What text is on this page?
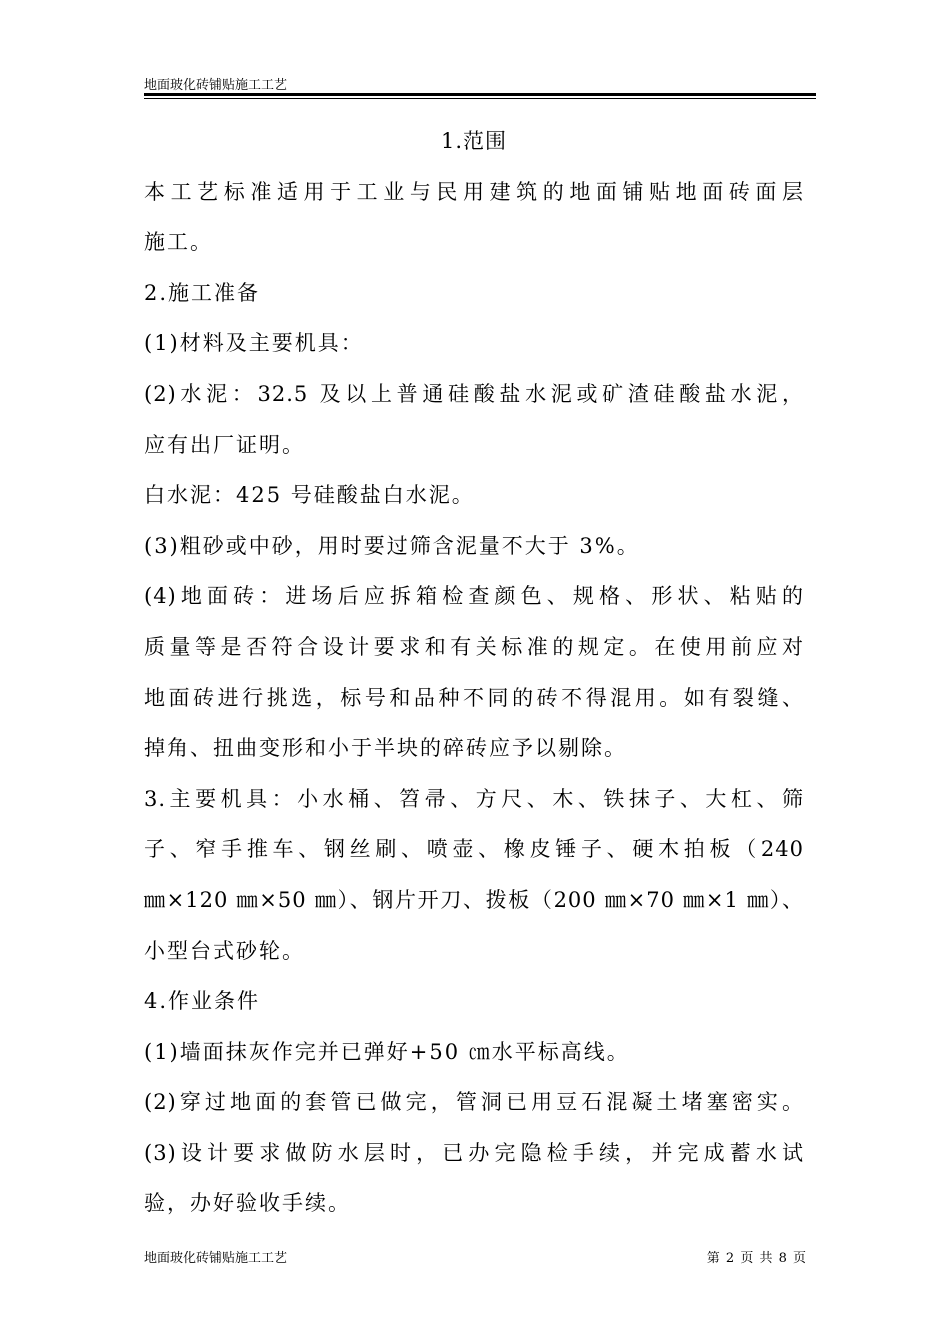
地面玻化砖铺贴施工工艺
1.范围
本工艺标准适用于工业与民用建筑的地面铺贴地面砖面层
施工。
2.施工准备
(1)材料及主要机具：
(2)水泥：32.5 及以上普通硅酸盐水泥或矿渣硅酸盐水泥，
应有出厂证明。
白水泥：425 号硅酸盐白水泥。
(3)粗砂或中砂，用时要过筛含泥量不大于 3%。
(4)地面砖：进场后应拆箱检查颜色、规格、形状、粘贴的
质量等是否符合设计要求和有关标准的规定。在使用前应对
地面砖进行挑选，标号和品种不同的砖不得混用。如有裂缝、
掉角、扭曲变形和小于半块的碎砖应予以剔除。
3.主要机具：小水桶、笤帚、方尺、木、铁抹子、大杠、筛
子、窄手推车、钢丝刷、喷壶、橡皮锤子、硬木拍板（240
㎜×120 ㎜×50 ㎜）、钢片开刀、拨板（200 ㎜×70 ㎜×1 ㎜）、
小型台式砂轮。
4.作业条件
(1)墙面抹灰作完并已弹好+50 ㎝水平标高线。
(2)穿过地面的套管已做完，管洞已用豆石混凝土堵塞密实。
(3)设计要求做防水层时，已办完隐检手续，并完成蓄水试
验，办好验收手续。
地面玻化砖铺贴施工工艺	第 2 页 共 8 页
